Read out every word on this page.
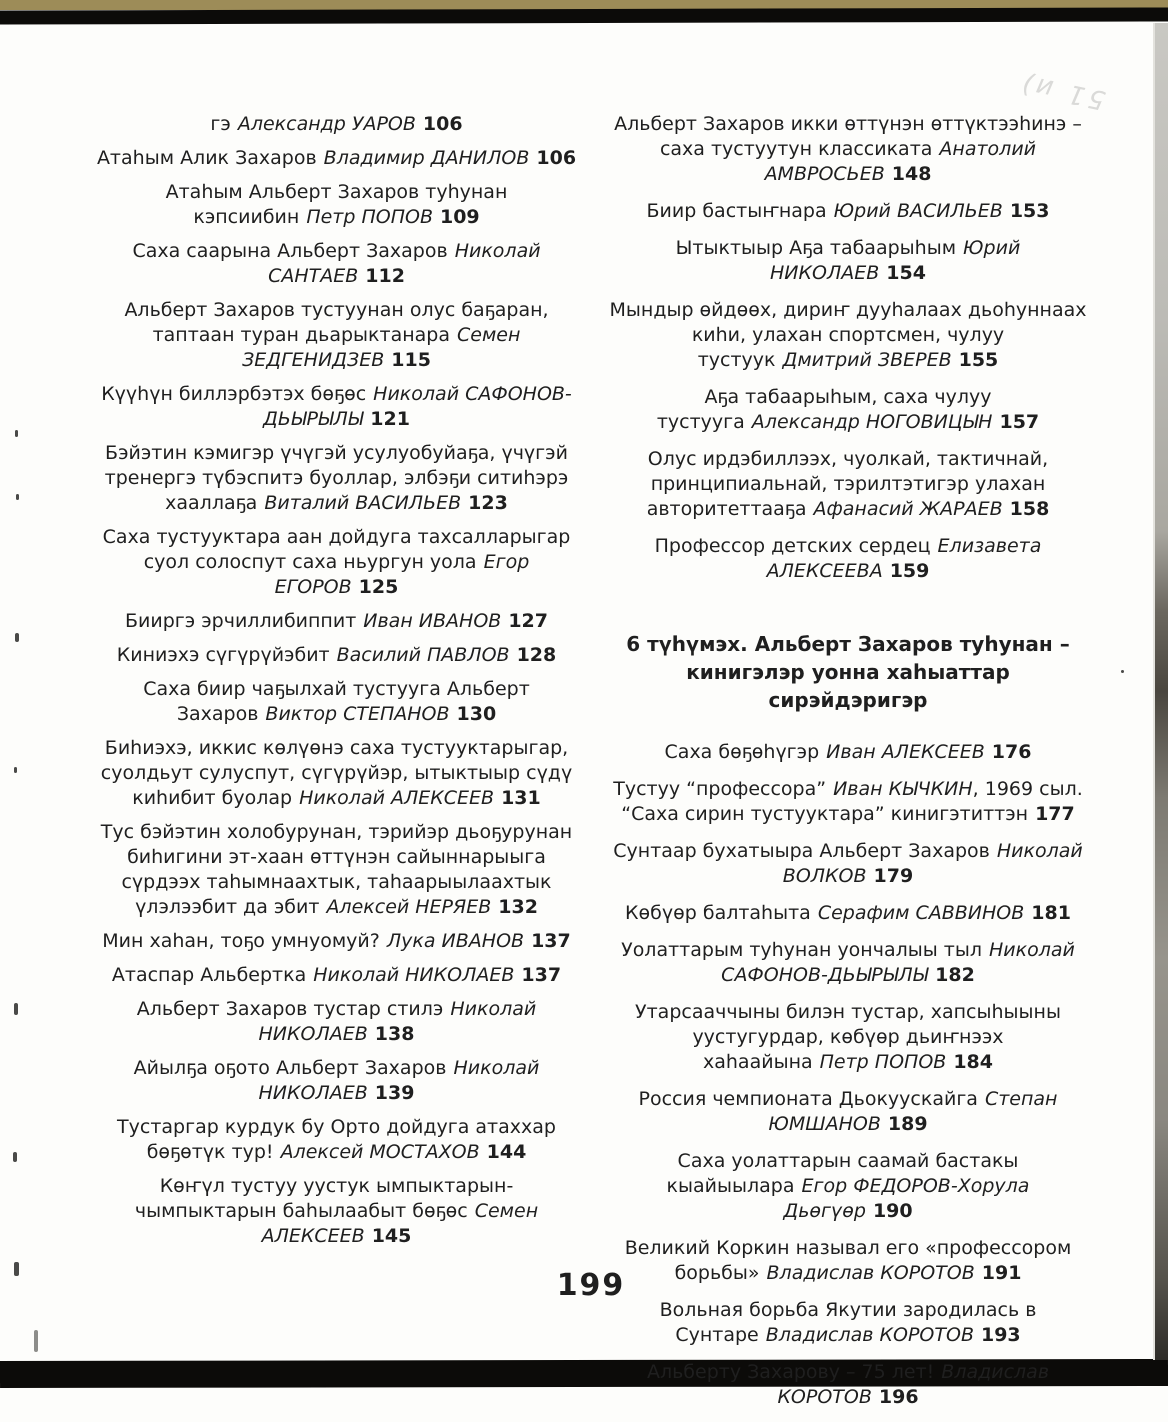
51 и)

гэ Александр УАРОВ 106

Атаһым Алик Захаров Владимир ДАНИЛОВ 106

Атаһым Альберт Захаров туһунан кэпсиибин Петр ПОПОВ 109

Саха саарына Альберт Захаров Николай САНТАЕВ 112

Альберт Захаров тустуунан олус баҕаран, таптаан туран дьарыктанара Семен ЗЕДГЕНИДЗЕВ 115

Күүһүн биллэрбэтэх бөҕөс Николай САФОНОВ-ДЬЫРЫЛЫ 121

Бэйэтин кэмигэр үчүгэй усулуобуйаҕа, үчүгэй тренергэ түбэспитэ буоллар, элбэҕи ситиһэрэ хааллаҕа Виталий ВАСИЛЬЕВ 123

Саха тустууктара аан дойдуга тахсалларыгар суол солоспут саха ньургун уола Егор ЕГОРОВ 125

Бииргэ эрчиллибиппит Иван ИВАНОВ 127

Киниэхэ сүгүрүйэбит Василий ПАВЛОВ 128

Саха биир чаҕылхай тустууга Альберт Захаров Виктор СТЕПАНОВ 130

Биһиэхэ, иккис көлүөнэ саха тустууктарыгар, суолдьут сулуспут, сүгүрүйэр, ытыктыыр сүдү киһибит буолар Николай АЛЕКСЕЕВ 131

Тус бэйэтин холобурунан, тэрийэр дьоҕурунан биһигини эт-хаан өттүнэн сайыннарыыга сүрдээх таһымнаахтык, таһаарыылаахтык үлэлээбит да эбит Алексей НЕРЯЕВ 132

Мин хаһан, тоҕо умнуомуй? Лука ИВАНОВ 137

Атаспар Альбертка Николай НИКОЛАЕВ 137

Альберт Захаров тустар стилэ Николай НИКОЛАЕВ 138

Айылҕа оҕото Альберт Захаров Николай НИКОЛАЕВ 139

Тустаргар курдук бу Орто дойдуга атаххар бөҕөтүк тур! Алексей МОСТАХОВ 144

Көҥүл тустуу уустук ымпыктарын-чымпыктарын баһылаабыт бөҕөс Семен АЛЕКСЕЕВ 145

Альберт Захаров икки өттүнэн өттүктээһинэ – саха тустуутун классиката Анатолий АМВРОСЬЕВ 148

Биир бастыҥнара Юрий ВАСИЛЬЕВ 153

Ытыктыыр Аҕа табаарыһым Юрий НИКОЛАЕВ 154

Мындыр өйдөөх, дириҥ дууһалаах дьоһуннаах киһи, улахан спортсмен, чулуу тустуук Дмитрий ЗВЕРЕВ 155

Аҕа табаарыһым, саха чулуу тустууга Александр НОГОВИЦЫН 157

Олус ирдэбиллээх, чуолкай, тактичнай, принципиальнай, тэрилтэтигэр улахан авторитеттааҕа Афанасий ЖАРАЕВ 158

Профессор детских сердец Елизавета АЛЕКСЕЕВА 159

6 түһүмэх. Альберт Захаров туһунан – кинигэлэр уонна хаһыаттар сирэйдэригэр

Саха бөҕөһүгэр Иван АЛЕКСЕЕВ 176

Тустуу “профессора” Иван КЫЧКИН, 1969 сыл. “Саха сирин тустууктара” кинигэтиттэн 177

Сунтаар бухатыыра Альберт Захаров Николай ВОЛКОВ 179

Көбүөр балтаһыта Серафим САВВИНОВ 181

Уолаттарым туһунан уончалыы тыл Николай САФОНОВ-ДЬЫРЫЛЫ 182

Утарсааччыны билэн тустар, хапсыһыыны уустугурдар, көбүөр дьиҥнээх хаһаайына Петр ПОПОВ 184

Россия чемпионата Дьокуускайга Степан ЮМШАНОВ 189

Саха уолаттарын саамай бастакы кыайыылара Егор ФЕДОРОВ-Хорула Дьөгүөр 190

Великий Коркин называл его «профессором борьбы» Владислав КОРОТОВ 191

Вольная борьба Якутии зародилась в Сунтаре Владислав КОРОТОВ 193

Альберту Захарову – 75 лет! Владислав КОРОТОВ 196

199
